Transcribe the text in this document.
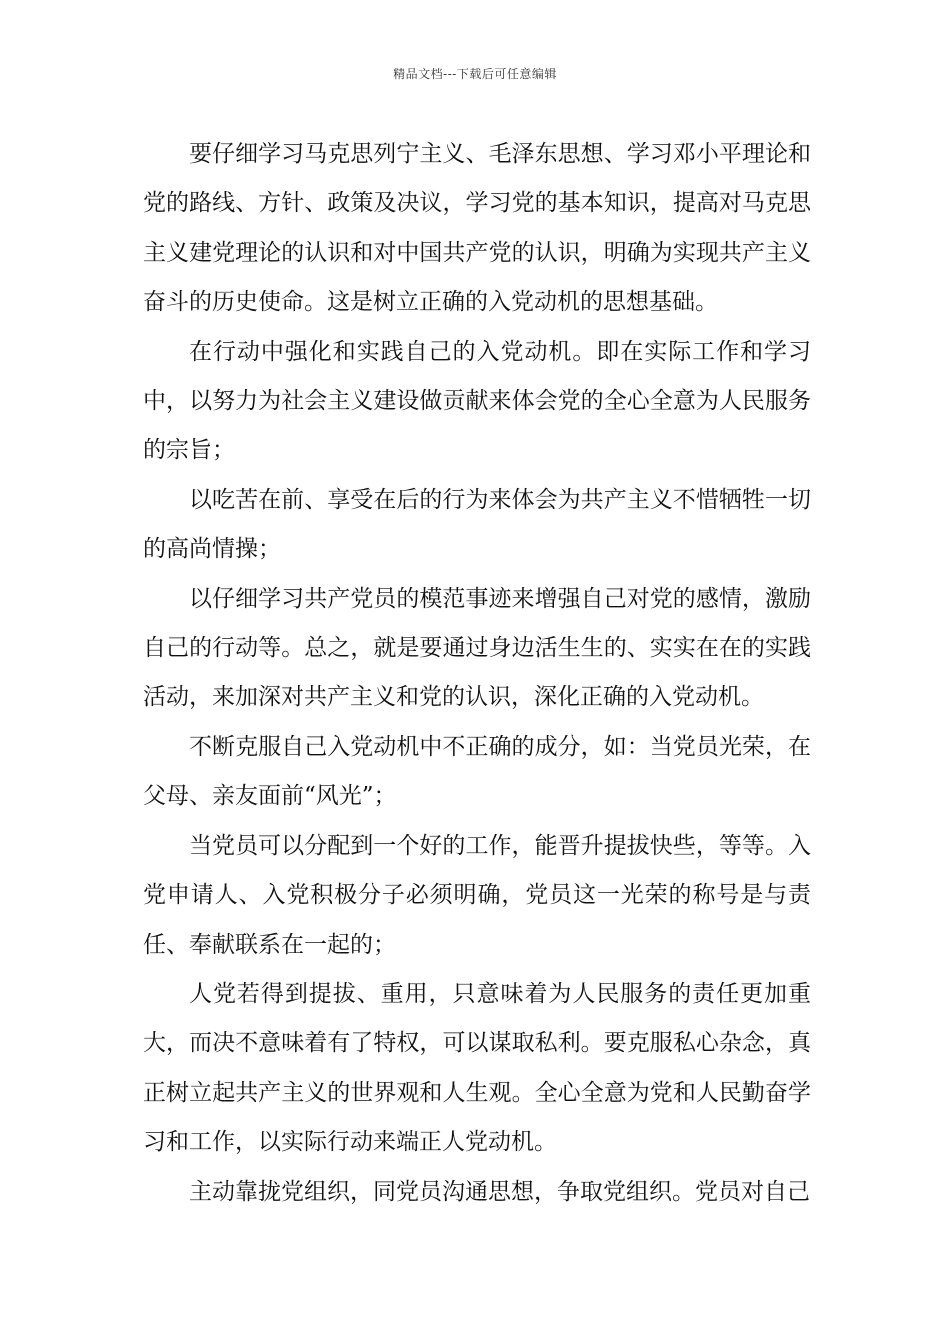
精品文档---下载后可任意编辑

要仔细学习马克思列宁主义、毛泽东思想、学习邓小平理论和党的路线、方针、政策及决议，学习党的基本知识，提高对马克思主义建党理论的认识和对中国共产党的认识，明确为实现共产主义奋斗的历史使命。这是树立正确的入党动机的思想基础。

在行动中强化和实践自己的入党动机。即在实际工作和学习中，以努力为社会主义建设做贡献来体会党的全心全意为人民服务的宗旨；

以吃苦在前、享受在后的行为来体会为共产主义不惜牺牲一切的高尚情操；

以仔细学习共产党员的模范事迹来增强自己对党的感情，激励自己的行动等。总之，就是要通过身边活生生的、实实在在的实践活动，来加深对共产主义和党的认识，深化正确的入党动机。

不断克服自己入党动机中不正确的成分，如：当党员光荣，在父母、亲友面前“风光”；

当党员可以分配到一个好的工作，能晋升提拔快些，等等。入党申请人、入党积极分子必须明确，党员这一光荣的称号是与责任、奉献联系在一起的；

人党若得到提拔、重用，只意味着为人民服务的责任更加重大，而决不意味着有了特权，可以谋取私利。要克服私心杂念，真正树立起共产主义的世界观和人生观。全心全意为党和人民勤奋学习和工作，以实际行动来端正人党动机。

主动靠拢党组织，同党员沟通思想，争取党组织。党员对自己
